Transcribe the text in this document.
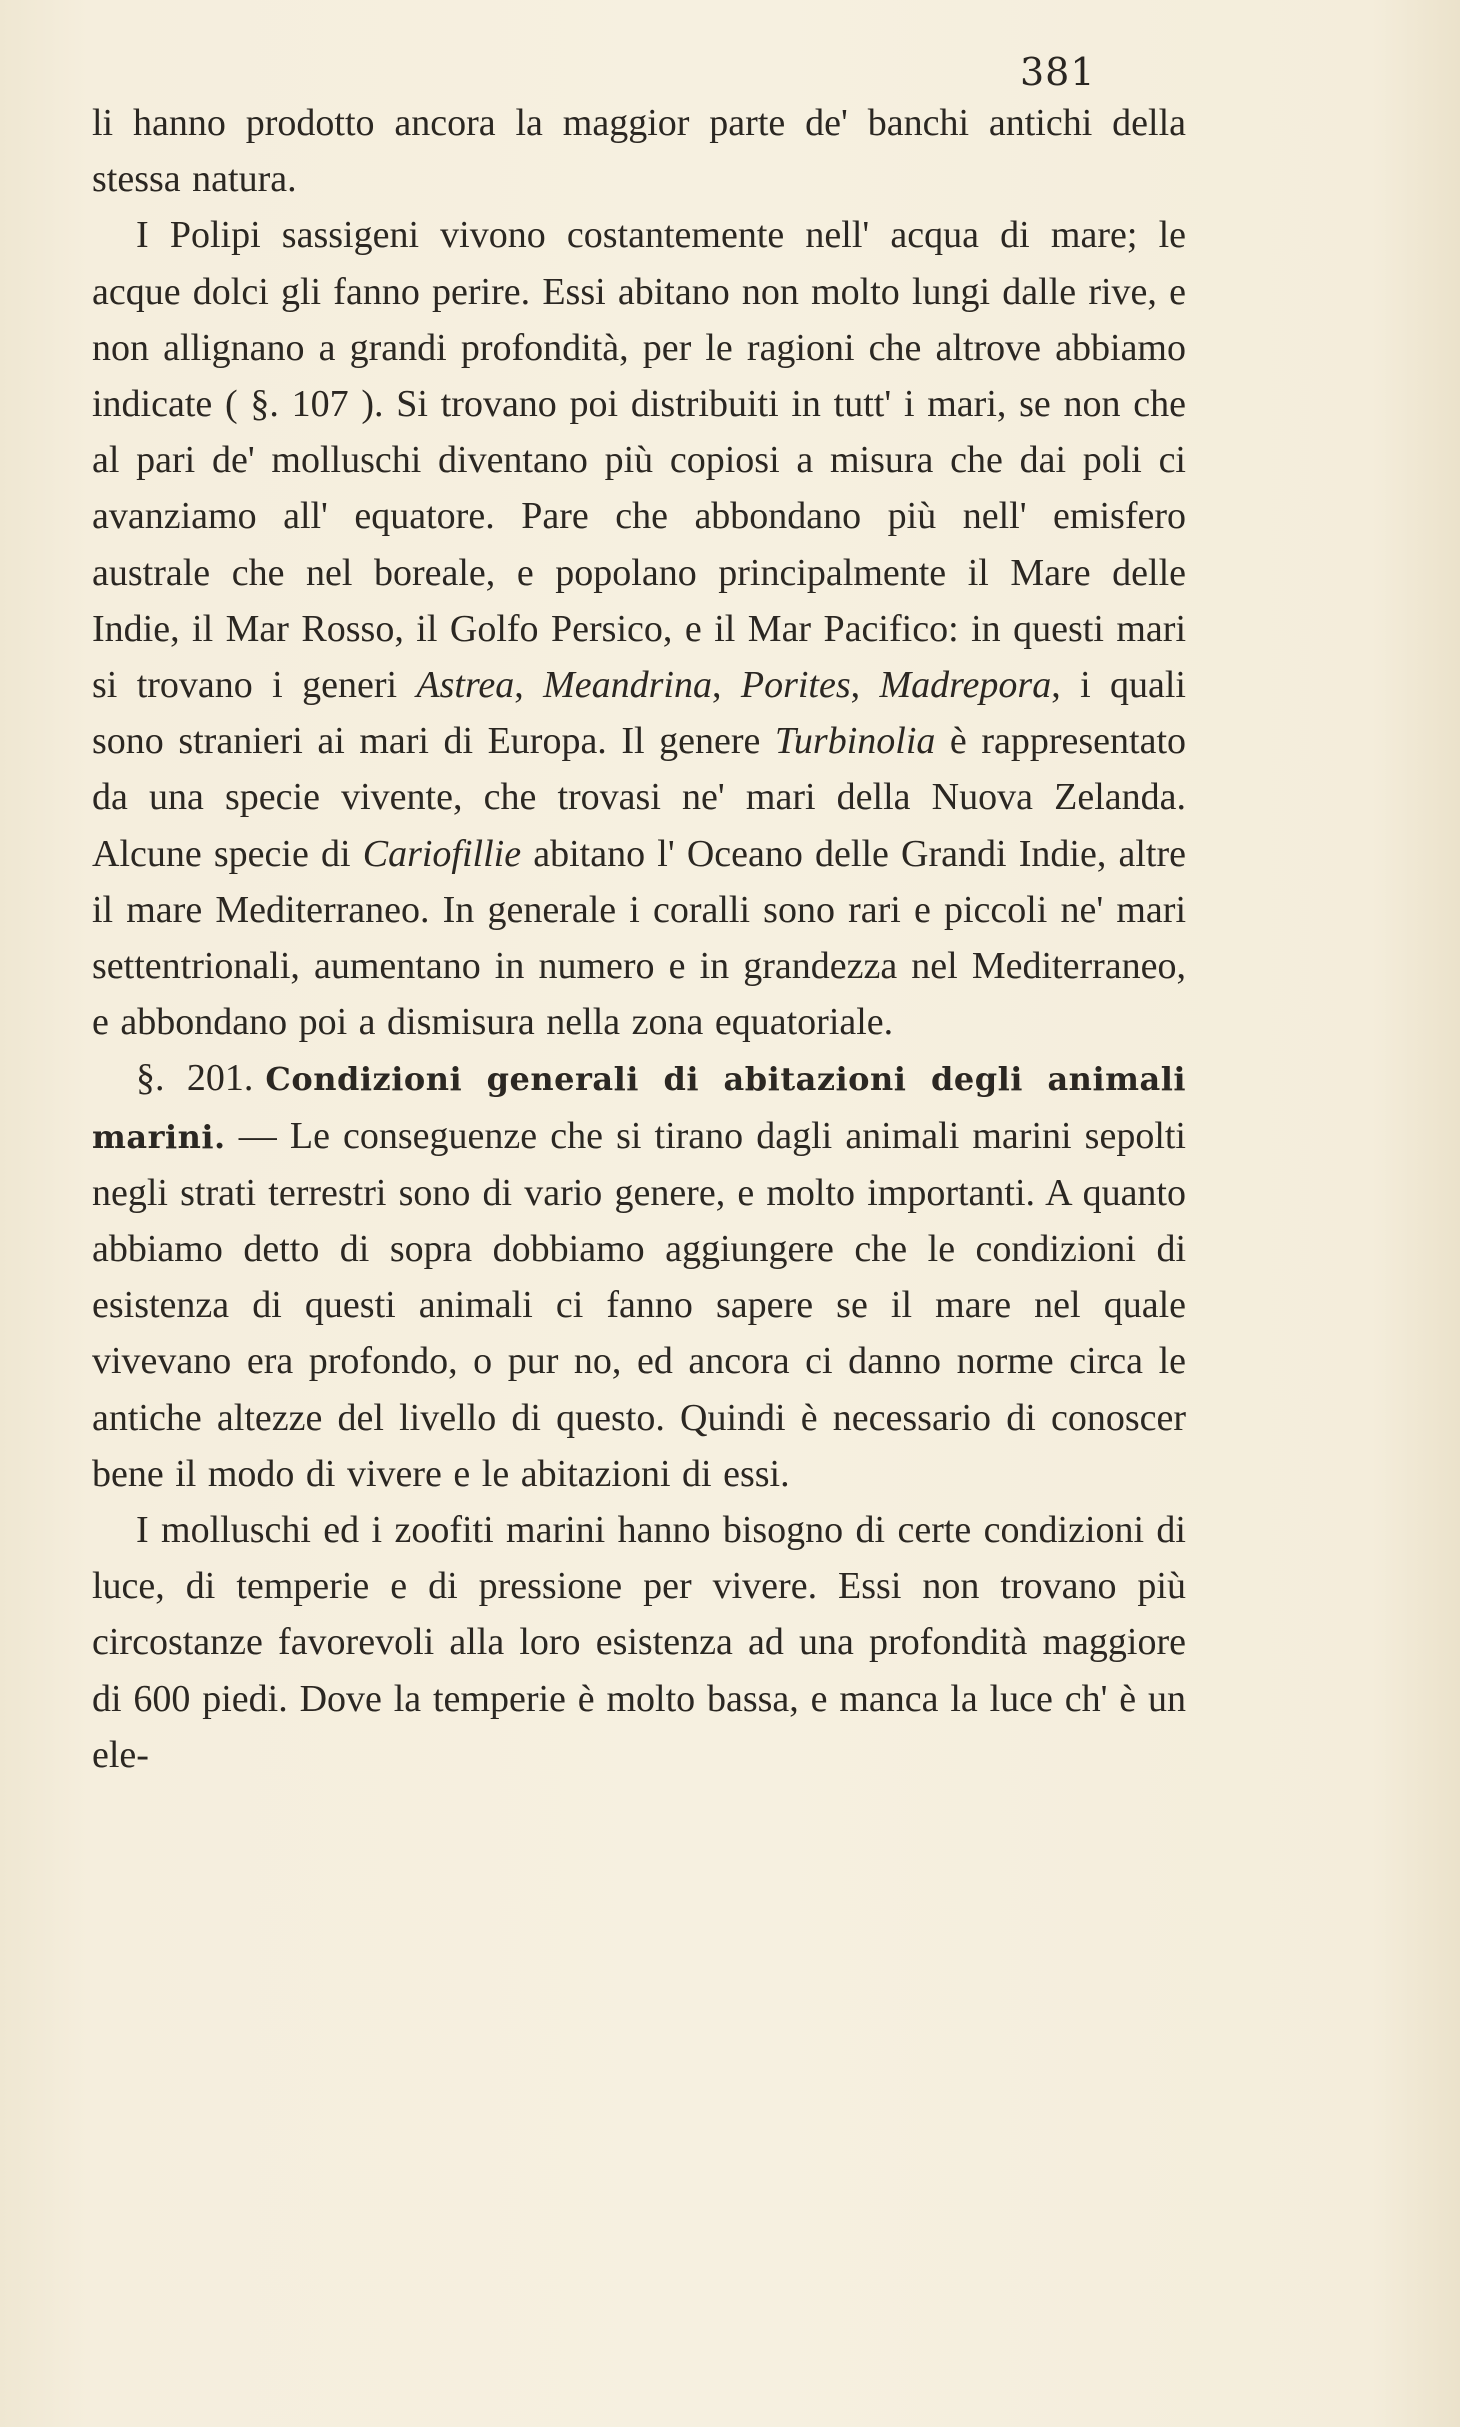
381

li hanno prodotto ancora la maggior parte de' banchi antichi della stessa natura.

I Polipi sassigeni vivono costantemente nell' acqua di mare; le acque dolci gli fanno perire. Essi abitano non molto lungi dalle rive, e non allignano a grandi profondità, per le ragioni che altrove abbiamo indicate ( §. 107 ). Si trovano poi distribuiti in tutt' i mari, se non che al pari de' molluschi diventano più copiosi a misura che dai poli ci avanziamo all' equatore. Pare che abbondano più nell' emisfero australe che nel boreale, e popolano principalmente il Mare delle Indie, il Mar Rosso, il Golfo Persico, e il Mar Pacifico: in questi mari si trovano i generi Astrea, Meandrina, Porites, Madrepora, i quali sono stranieri ai mari di Europa. Il genere Turbinolia è rappresentato da una specie vivente, che trovasi ne' mari della Nuova Zelanda. Alcune specie di Cariofillie abitano l' Oceano delle Grandi Indie, altre il mare Mediterraneo. In generale i coralli sono rari e piccoli ne' mari settentrionali, aumentano in numero e in grandezza nel Mediterraneo, e abbondano poi a dismisura nella zona equatoriale.

§. 201. Condizioni generali di abitazioni degli animali marini. — Le conseguenze che si tirano dagli animali marini sepolti negli strati terrestri sono di vario genere, e molto importanti. A quanto abbiamo detto di sopra dobbiamo aggiungere che le condizioni di esistenza di questi animali ci fanno sapere se il mare nel quale vivevano era profondo, o pur no, ed ancora ci danno norme circa le antiche altezze del livello di questo. Quindi è necessario di conoscer bene il modo di vivere e le abitazioni di essi.

I molluschi ed i zoofiti marini hanno bisogno di certe condizioni di luce, di temperie e di pressione per vivere. Essi non trovano più circostanze favorevoli alla loro esistenza ad una profondità maggiore di 600 piedi. Dove la temperie è molto bassa, e manca la luce ch' è un ele-
